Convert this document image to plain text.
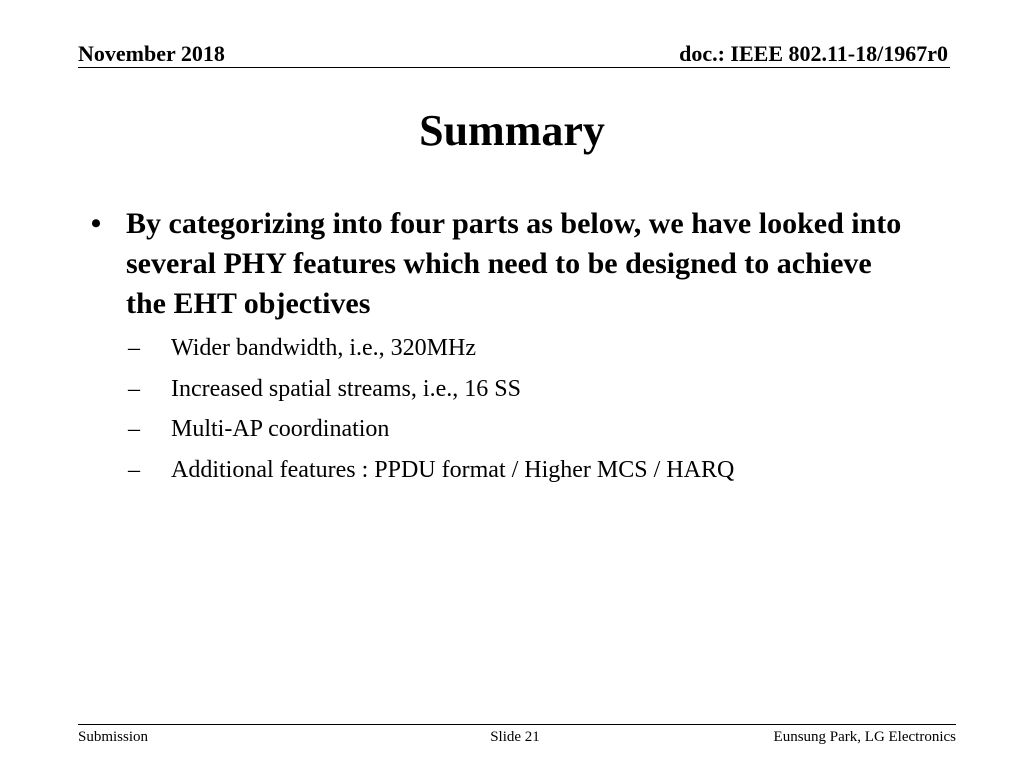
November 2018	doc.: IEEE 802.11-18/1967r0
Summary
• By categorizing into four parts as below, we have looked into several PHY features which need to be designed to achieve the EHT objectives
– Wider bandwidth, i.e., 320MHz
– Increased spatial streams, i.e., 16 SS
– Multi-AP coordination
– Additional features : PPDU format / Higher MCS / HARQ
Submission	Slide 21	Eunsung Park, LG Electronics
